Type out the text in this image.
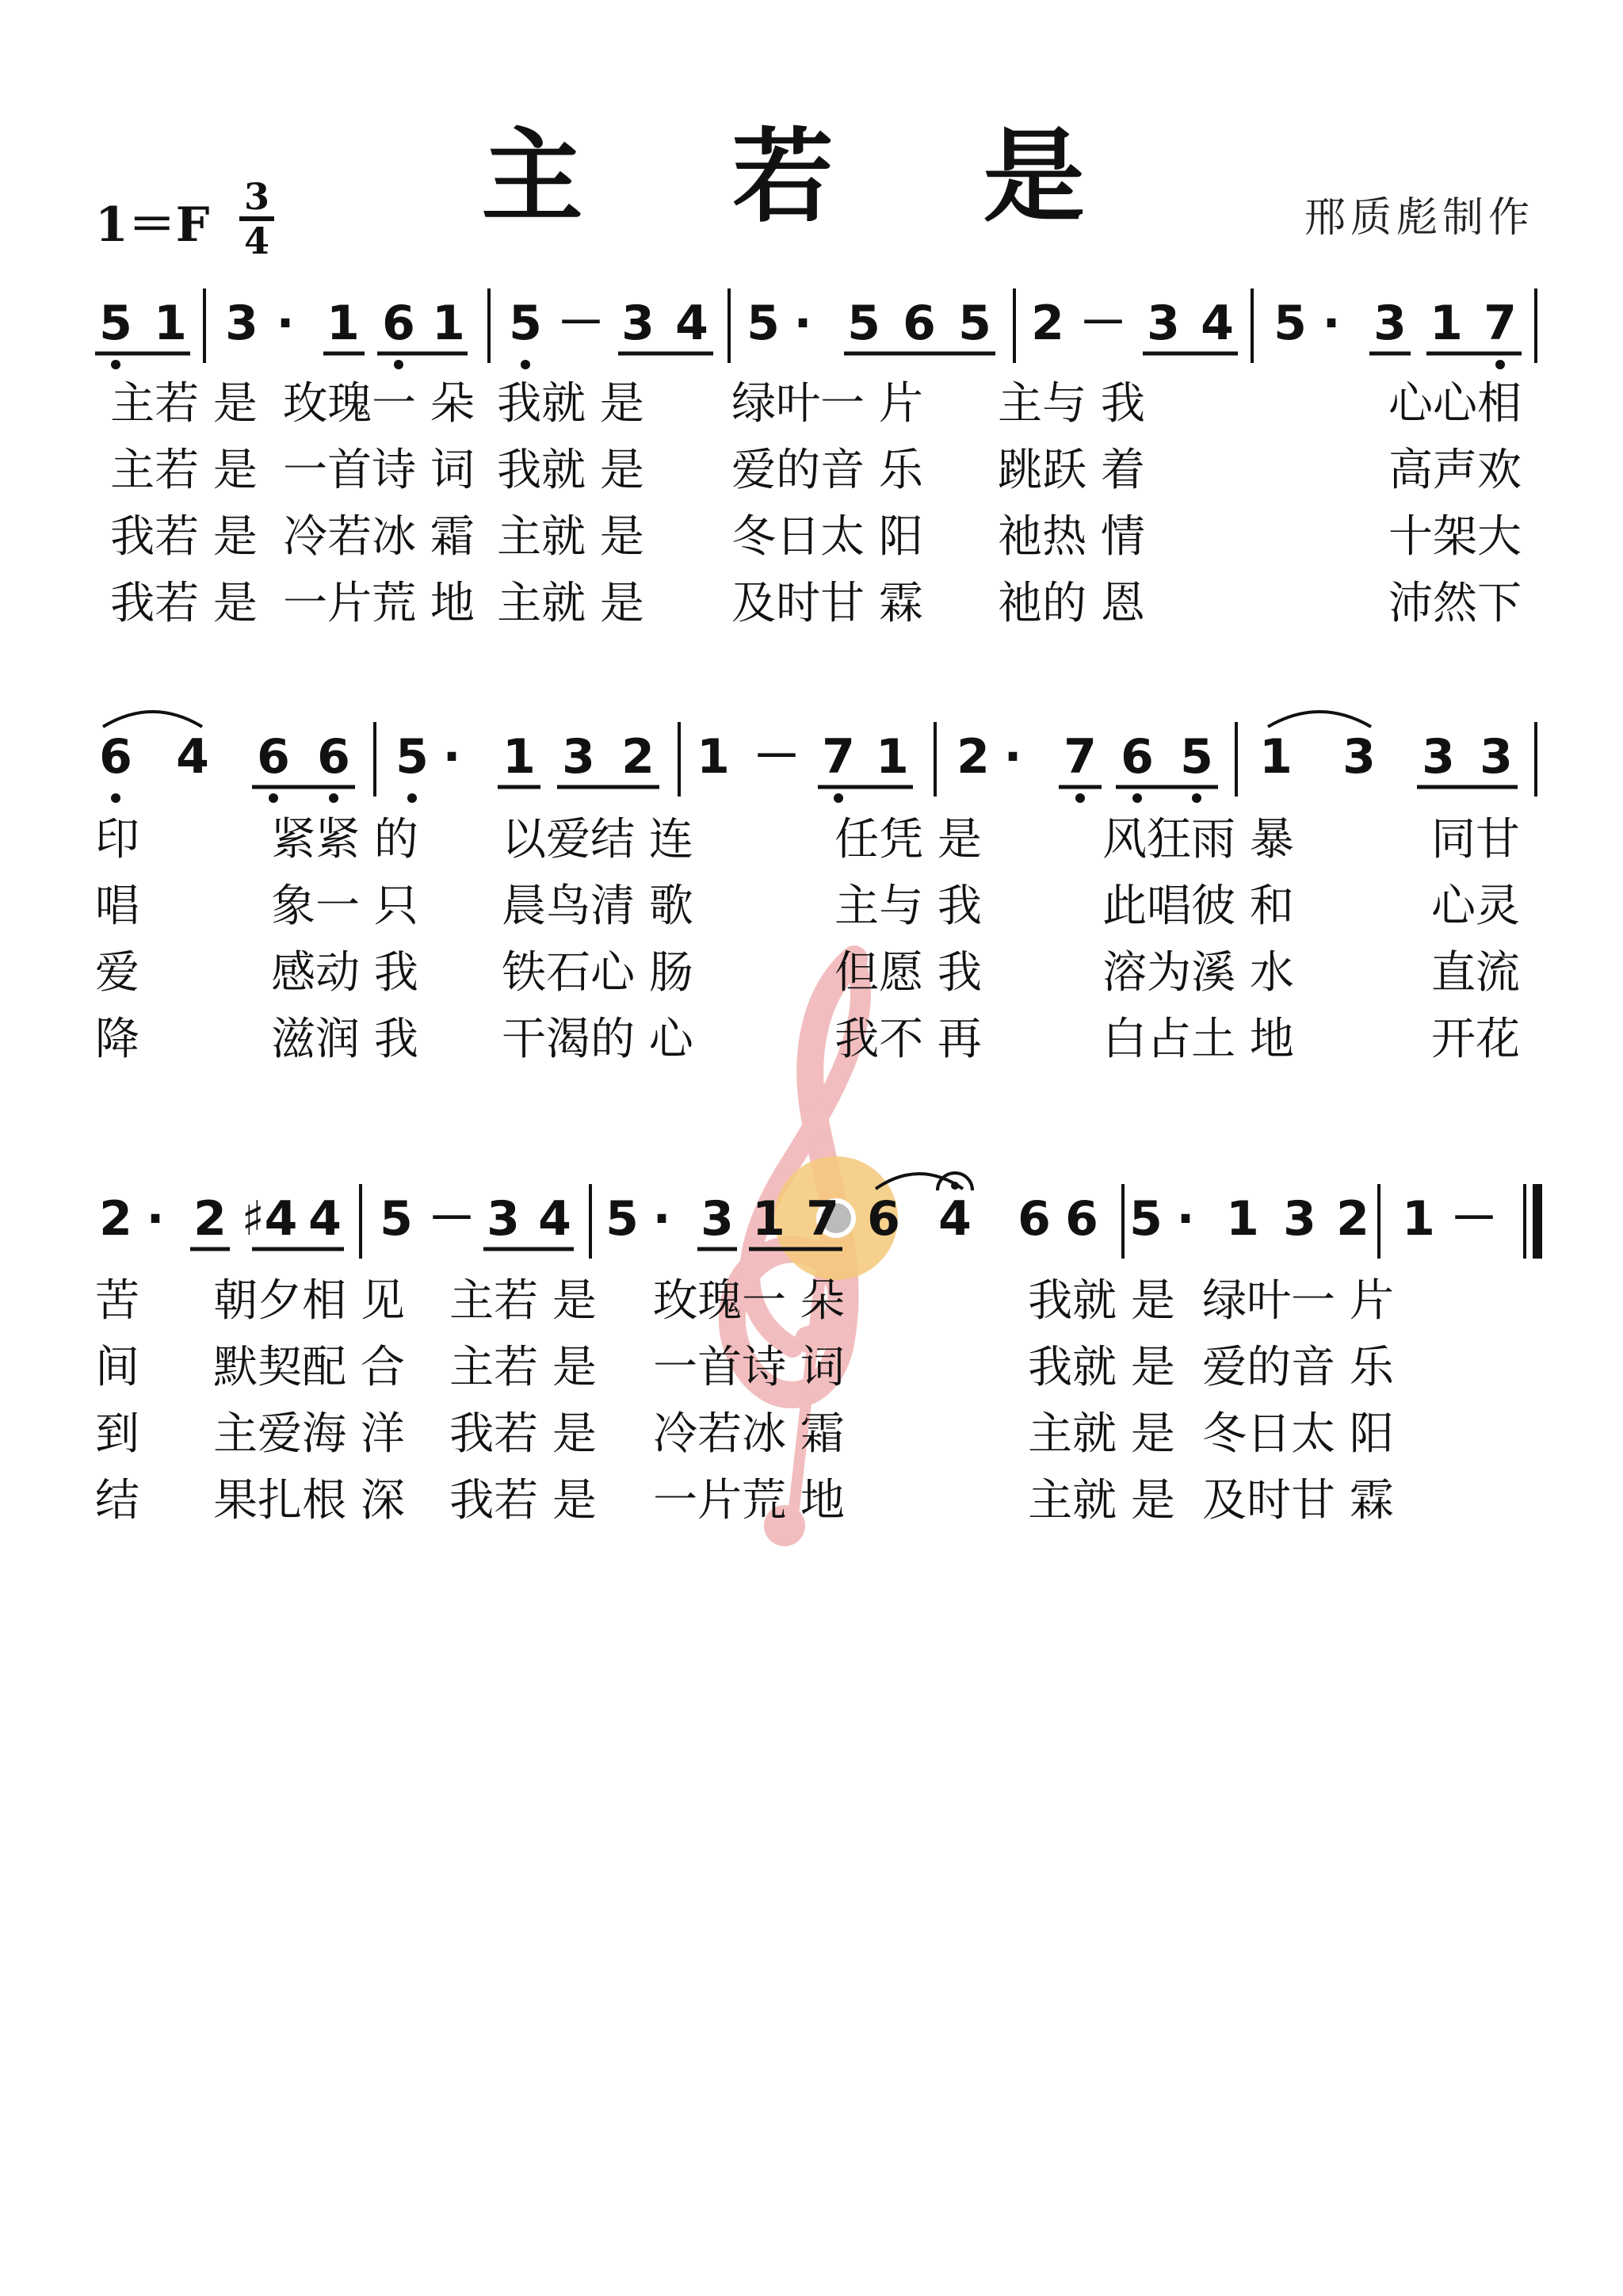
主 若 是	邢质彪制作
1＝F
3
4
5 1 3 · 1 6 1 5 － 3 4 5 · 5 6 5 2 － 3 4 5 · 3 1 7
主若 是 玫瑰一 朵 我就 是 绿叶一 片 主与 我	心心相
主若 是 一首诗 词 我就 是 爱的音 乐 跳跃 着	高声欢
我若 是 冷若冰 霜 主就 是 冬日太 阳 祂热 情	十架大
我若 是 一片荒 地 主就 是 及时甘 霖 祂的 恩	沛然下
6 4 6 6 5 · 1 3 2 1 － 7 1 2 · 7 6 5 1 3 3 3
印	紧紧 的 以爱结 连	任凭 是	风狂雨 暴	同甘
唱	象一 只 晨鸟清 歌	主与 我	此唱彼 和	心灵
爱	感动 我 铁石心 肠	但愿 我	溶为溪 水	直流
降	滋润 我 干渴的 心	我不 再	白占土 地	开花
2 · 2 ♯4 4 5 － 3 4 5 · 3 1 7 6 4 6 6 5 · 1 3 2 1 －
苦 朝夕相 见 主若 是 玫瑰一 朵	我就 是 绿叶一 片
间 默契配 合 主若 是 一首诗 词	我就 是 爱的音 乐
到 主爱海 洋 我若 是 冷若冰 霜	主就 是 冬日太 阳
结 果扎根 深 我若 是 一片荒 地	主就 是 及时甘 霖
